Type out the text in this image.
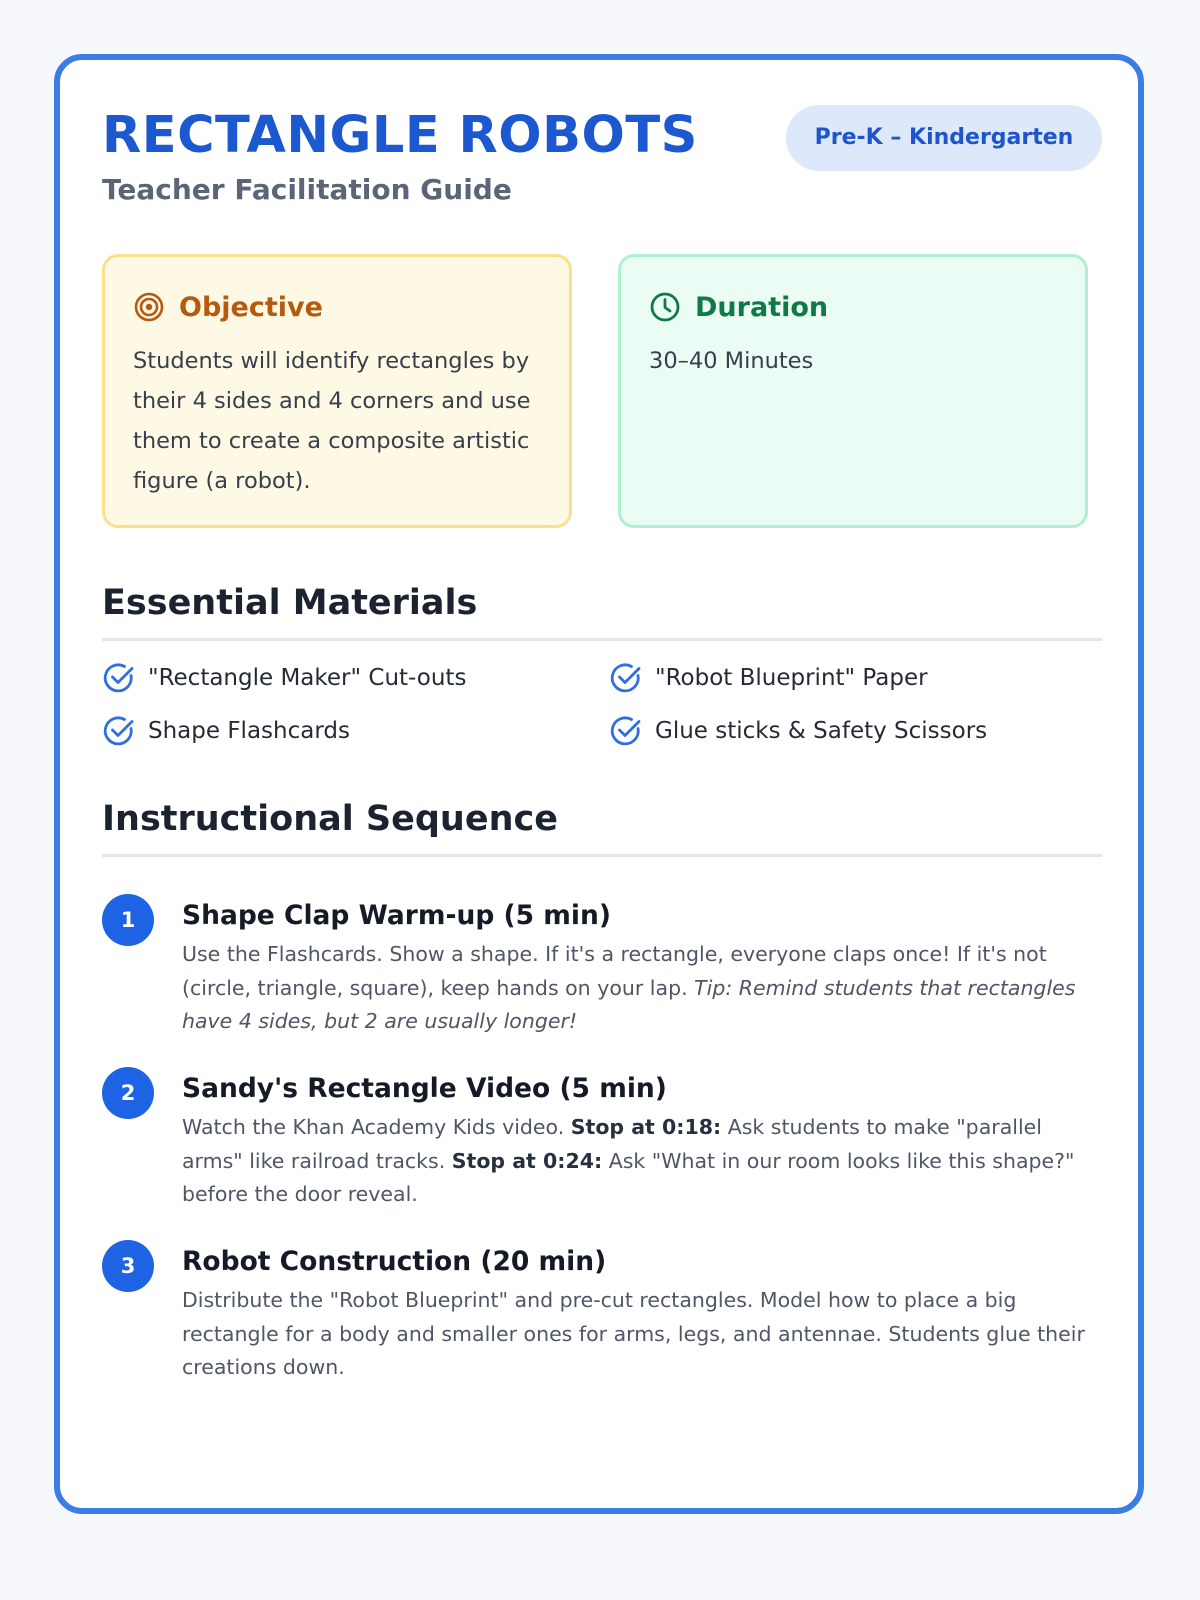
RECTANGLE ROBOTS
Teacher Facilitation Guide
Pre-K – Kindergarten
Objective
Students will identify rectangles by their 4 sides and 4 corners and use them to create a composite artistic figure (a robot).
Duration
30–40 Minutes
Essential Materials
"Rectangle Maker" Cut-outs	"Robot Blueprint" Paper
Shape Flashcards	Glue sticks & Safety Scissors
Instructional Sequence
1	Shape Clap Warm-up (5 min)
Use the Flashcards. Show a shape. If it's a rectangle, everyone claps once! If it's not (circle, triangle, square), keep hands on your lap. Tip: Remind students that rectangles have 4 sides, but 2 are usually longer!
2	Sandy's Rectangle Video (5 min)
Watch the Khan Academy Kids video. Stop at 0:18: Ask students to make "parallel arms" like railroad tracks. Stop at 0:24: Ask "What in our room looks like this shape?" before the door reveal.
3	Robot Construction (20 min)
Distribute the "Robot Blueprint" and pre-cut rectangles. Model how to place a big rectangle for a body and smaller ones for arms, legs, and antennae. Students glue their creations down.
